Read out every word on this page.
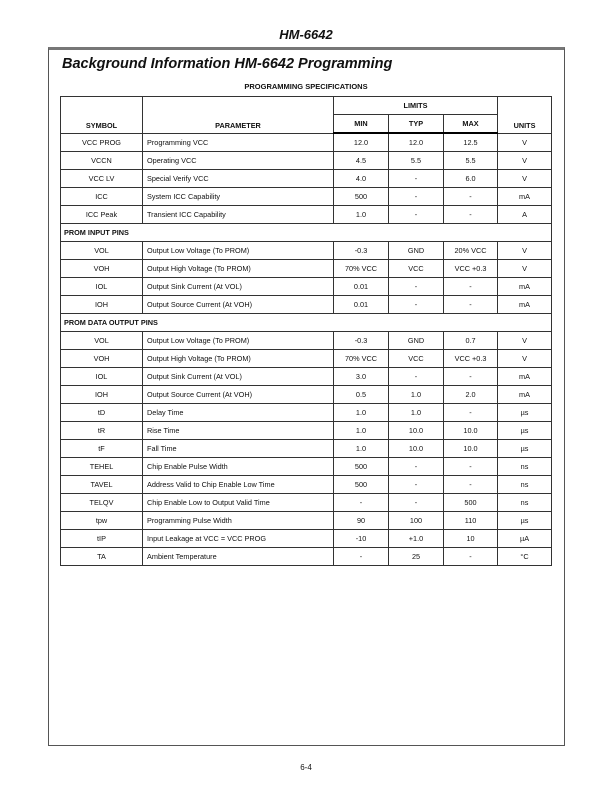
HM-6642
Background Information HM-6642 Programming
PROGRAMMING SPECIFICATIONS
SYMBOL	PARAMETER	LIMITS			UNITS
		MIN	TYP	MAX	
VCC PROG	Programming VCC	12.0	12.0	12.5	V
VCCN	Operating VCC	4.5	5.5	5.5	V
VCC LV	Special Verify VCC	4.0	-	6.0	V
ICC	System ICC Capability	500	-	-	mA
ICC Peak	Transient ICC Capability	1.0	-	-	A
PROM INPUT PINS					
VOL	Output Low Voltage (To PROM)	-0.3	GND	20% VCC	V
VOH	Output High Voltage (To PROM)	70% VCC	VCC	VCC +0.3	V
IOL	Output Sink Current (At VOL)	0.01	-	-	mA
IOH	Output Source Current (At VOH)	0.01	-	-	mA
PROM DATA OUTPUT PINS					
VOL	Output Low Voltage (To PROM)	-0.3	GND	0.7	V
VOH	Output High Voltage (To PROM)	70% VCC	VCC	VCC +0.3	V
IOL	Output Sink Current (At VOL)	3.0	-	-	mA
IOH	Output Source Current (At VOH)	0.5	1.0	2.0	mA
tD	Delay Time	1.0	1.0	-	µs
tR	Rise Time	1.0	10.0	10.0	µs
tF	Fall Time	1.0	10.0	10.0	µs
TEHEL	Chip Enable Pulse Width	500	-	-	ns
TAVEL	Address Valid to Chip Enable Low Time	500	-	-	ns
TELQV	Chip Enable Low to Output Valid Time	-	-	500	ns
tpw	Programming Pulse Width	90	100	110	µs
tIP	Input Leakage at VCC = VCC PROG	-10	+1.0	10	µA
TA	Ambient Temperature	-	25	-	°C
6-4
